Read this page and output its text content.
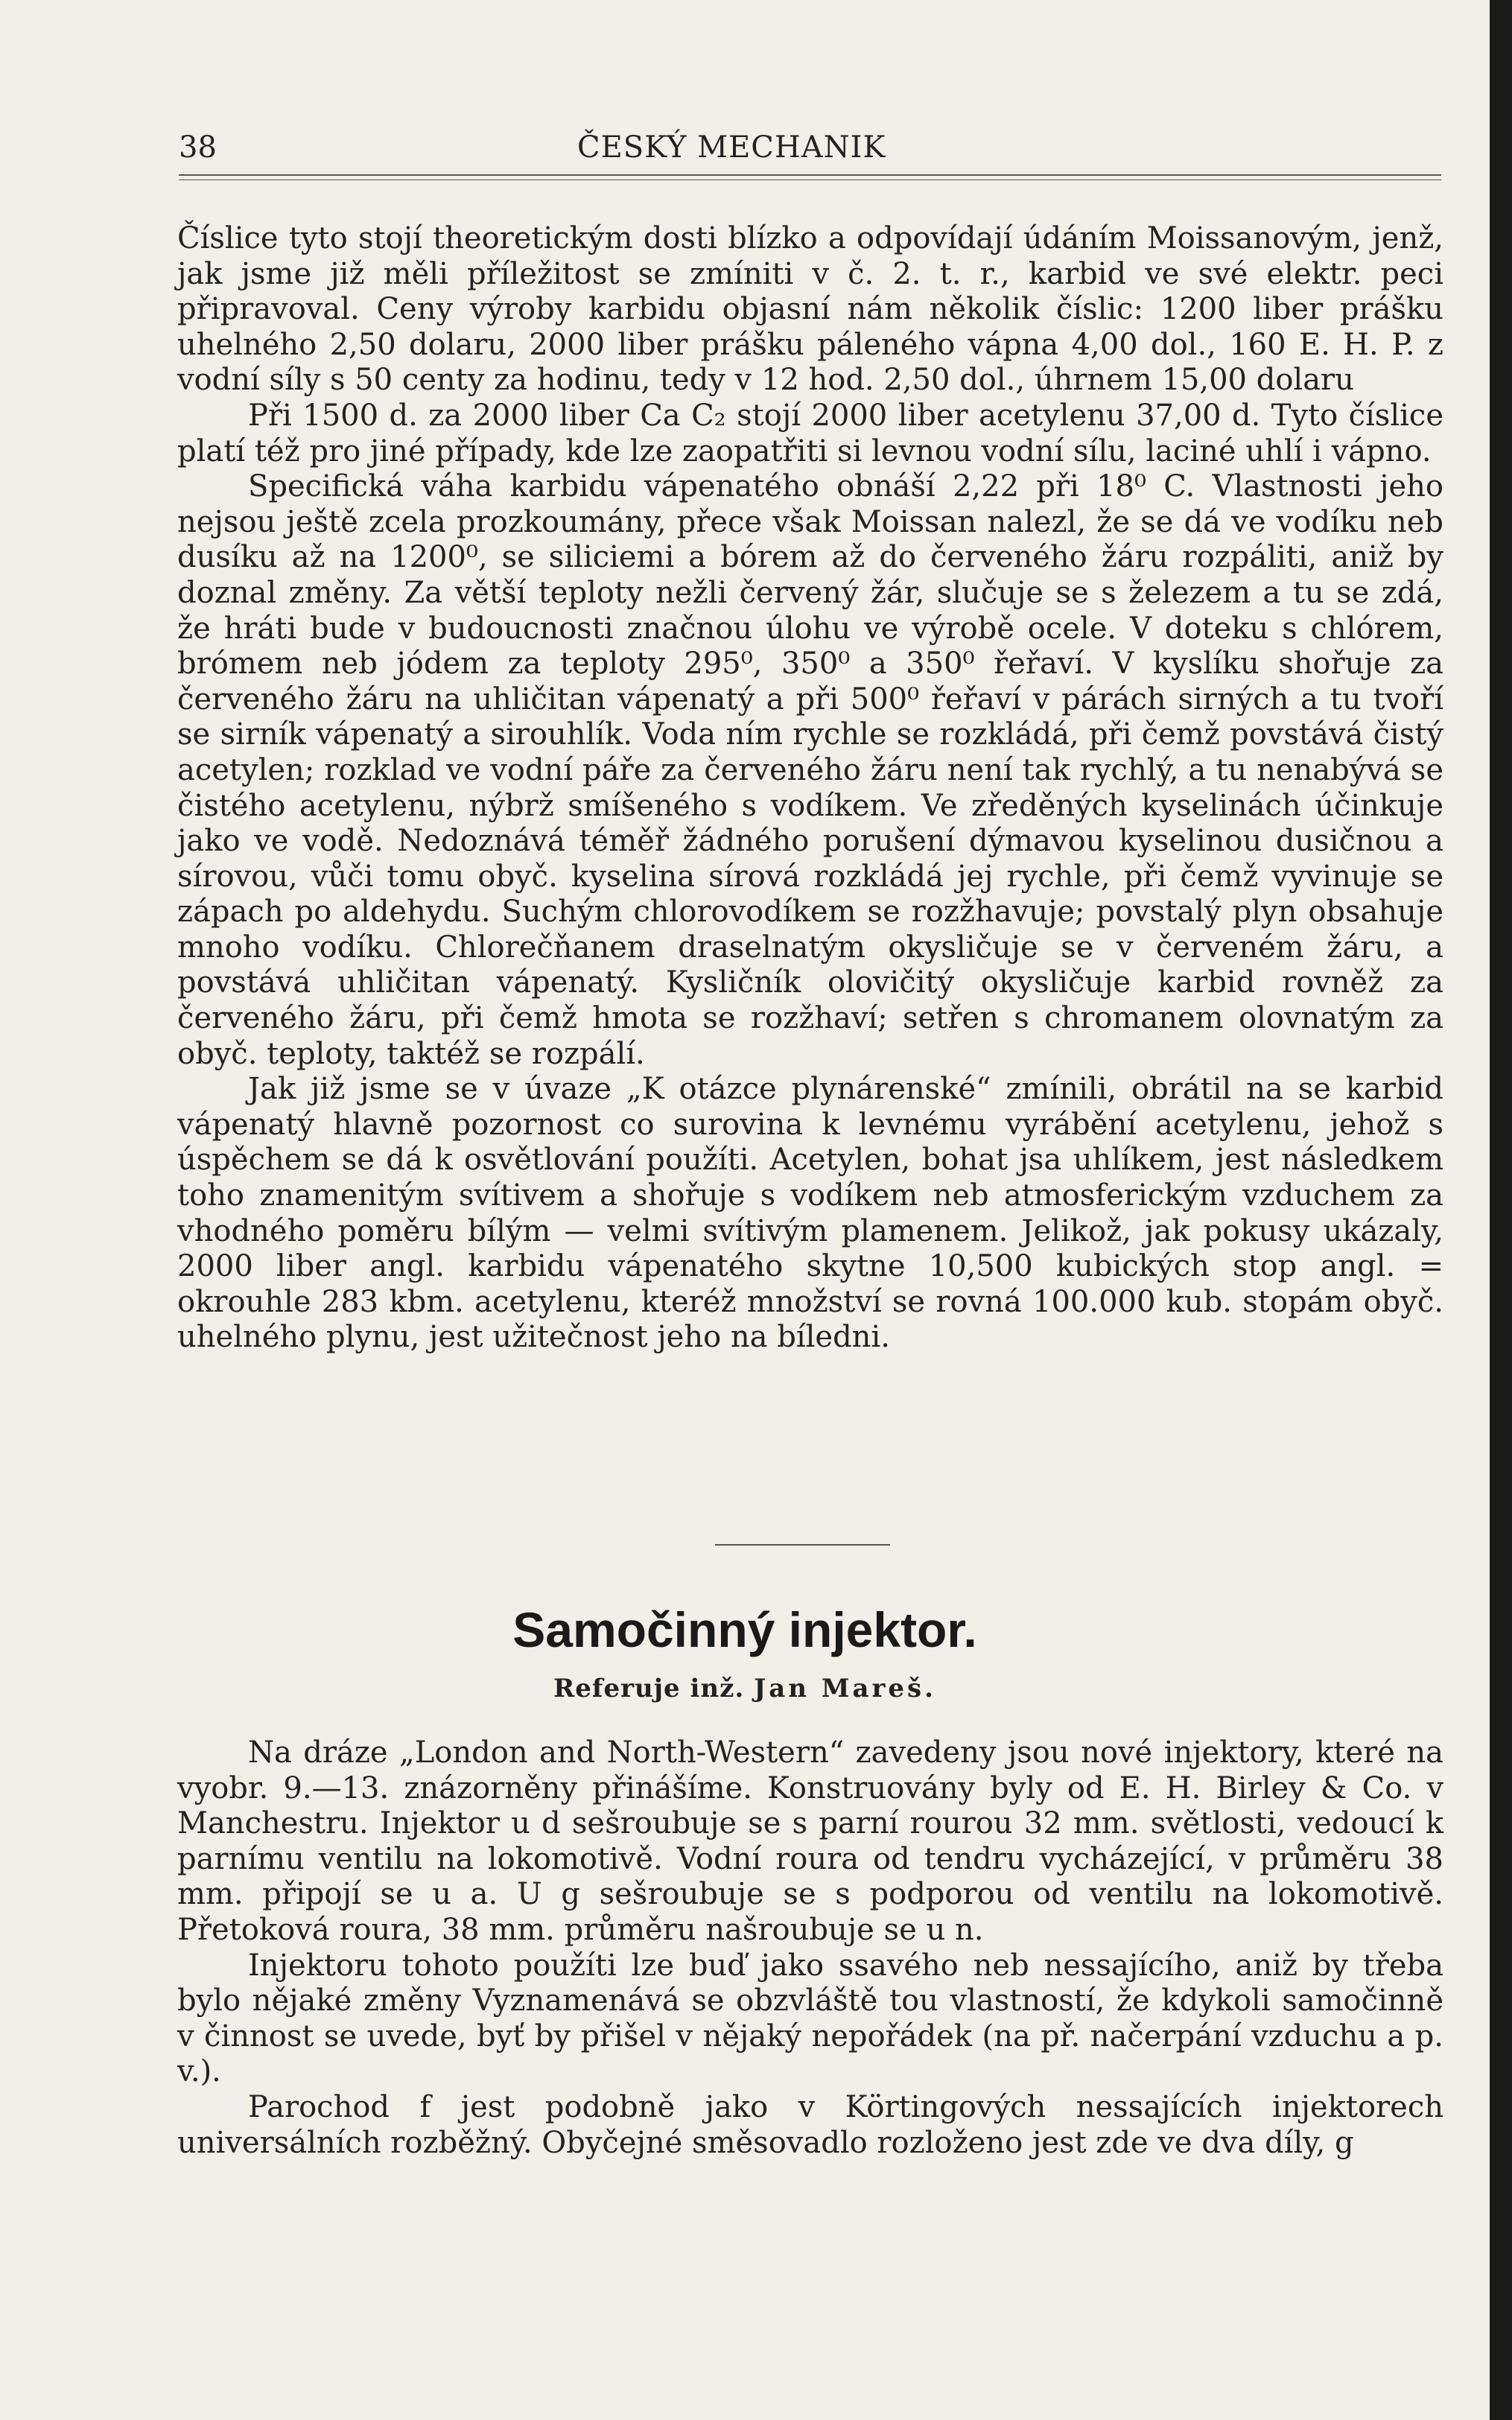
38	ČESKÝ MECHANIK

Číslice tyto stojí theoretickým dosti blízko a odpovídají údáním Moissanovým, jenž, jak jsme již měli příležitost se zmíniti v č. 2. t. r., karbid ve své elektr. peci připravoval. Ceny výroby karbidu objasní nám několik číslic: 1200 liber prášku uhelného 2,50 dolaru, 2000 liber prášku páleného vápna 4,00 dol., 160 E. H. P. z vodní síly s 50 centy za hodinu, tedy v 12 hod. 2,50 dol., úhrnem 15,00 dolaru

Při 1500 d. za 2000 liber Ca C₂ stojí 2000 liber acetylenu 37,00 d. Tyto číslice platí též pro jiné případy, kde lze zaopatřiti si levnou vodní sílu, laciné uhlí i vápno.

Specifická váha karbidu vápenatého obnáší 2,22 při 18⁰ C. Vlastnosti jeho nejsou ještě zcela prozkoumány, přece však Moissan nalezl, že se dá ve vodíku neb dusíku až na 1200⁰, se siliciemi a bórem až do červeného žáru rozpáliti, aniž by doznal změny. Za větší teploty nežli červený žár, slučuje se s železem a tu se zdá, že hráti bude v budoucnosti značnou úlohu ve výrobě ocele. V doteku s chlórem, brómem neb jódem za teploty 295⁰, 350⁰ a 350⁰ řeřaví. V kyslíku shořuje za červeného žáru na uhličitan vápenatý a při 500⁰ řeřaví v párách sirných a tu tvoří se sirník vápenatý a sirouhlík. Voda ním rychle se rozkládá, při čemž povstává čistý acetylen; rozklad ve vodní páře za červeného žáru není tak rychlý, a tu nenabývá se čistého acetylenu, nýbrž smíšeného s vodíkem. Ve zředěných kyselinách účinkuje jako ve vodě. Nedoznává téměř žádného porušení dýmavou kyselinou dusičnou a sírovou, vůči tomu obyč. kyselina sírová rozkládá jej rychle, při čemž vyvinuje se zápach po aldehydu. Suchým chlorovodíkem se rozžhavuje; povstalý plyn obsahuje mnoho vodíku. Chlorečňanem draselnatým okysličuje se v červeném žáru, a povstává uhličitan vápenatý. Kysličník olovičitý okysličuje karbid rovněž za červeného žáru, při čemž hmota se rozžhaví; setřen s chromanem olovnatým za obyč. teploty, taktéž se rozpálí.

Jak již jsme se v úvaze „K otázce plynárenské“ zmínili, obrátil na se karbid vápenatý hlavně pozornost co surovina k levnému vyrábění acetylenu, jehož s úspěchem se dá k osvětlování použíti. Acetylen, bohat jsa uhlíkem, jest následkem toho znamenitým svítivem a shořuje s vodíkem neb atmosferickým vzduchem za vhodného poměru bílým — velmi svítivým plamenem. Jelikož, jak pokusy ukázaly, 2000 liber angl. karbidu vápenatého skytne 10,500 kubických stop angl. = okrouhle 283 kbm. acetylenu, kteréž množství se rovná 100.000 kub. stopám obyč. uhelného plynu, jest užitečnost jeho na bíledni.

Samočinný injektor.
Referuje inž. Jan Mareš.

Na dráze „London and North-Western“ zavedeny jsou nové injektory, které na vyobr. 9.—13. znázorněny přinášíme. Konstruovány byly od E. H. Birley & Co. v Manchestru. Injektor u d sešroubuje se s parní rourou 32 mm. světlosti, vedoucí k parnímu ventilu na lokomotivě. Vodní roura od tendru vycházející, v průměru 38 mm. připojí se u a. U g sešroubuje se s podporou od ventilu na lokomotivě. Přetoková roura, 38 mm. průměru našroubuje se u n.

Injektoru tohoto použíti lze buď jako ssavého neb nessajícího, aniž by třeba bylo nějaké změny Vyznamenává se obzvláště tou vlastností, že kdykoli samočinně v činnost se uvede, byť by přišel v nějaký nepořádek (na př. načerpání vzduchu a p. v.).

Parochod f jest podobně jako v Körtingových nessajících injektorech universálních rozběžný. Obyčejné směsovadlo rozloženo jest zde ve dva díly, g
